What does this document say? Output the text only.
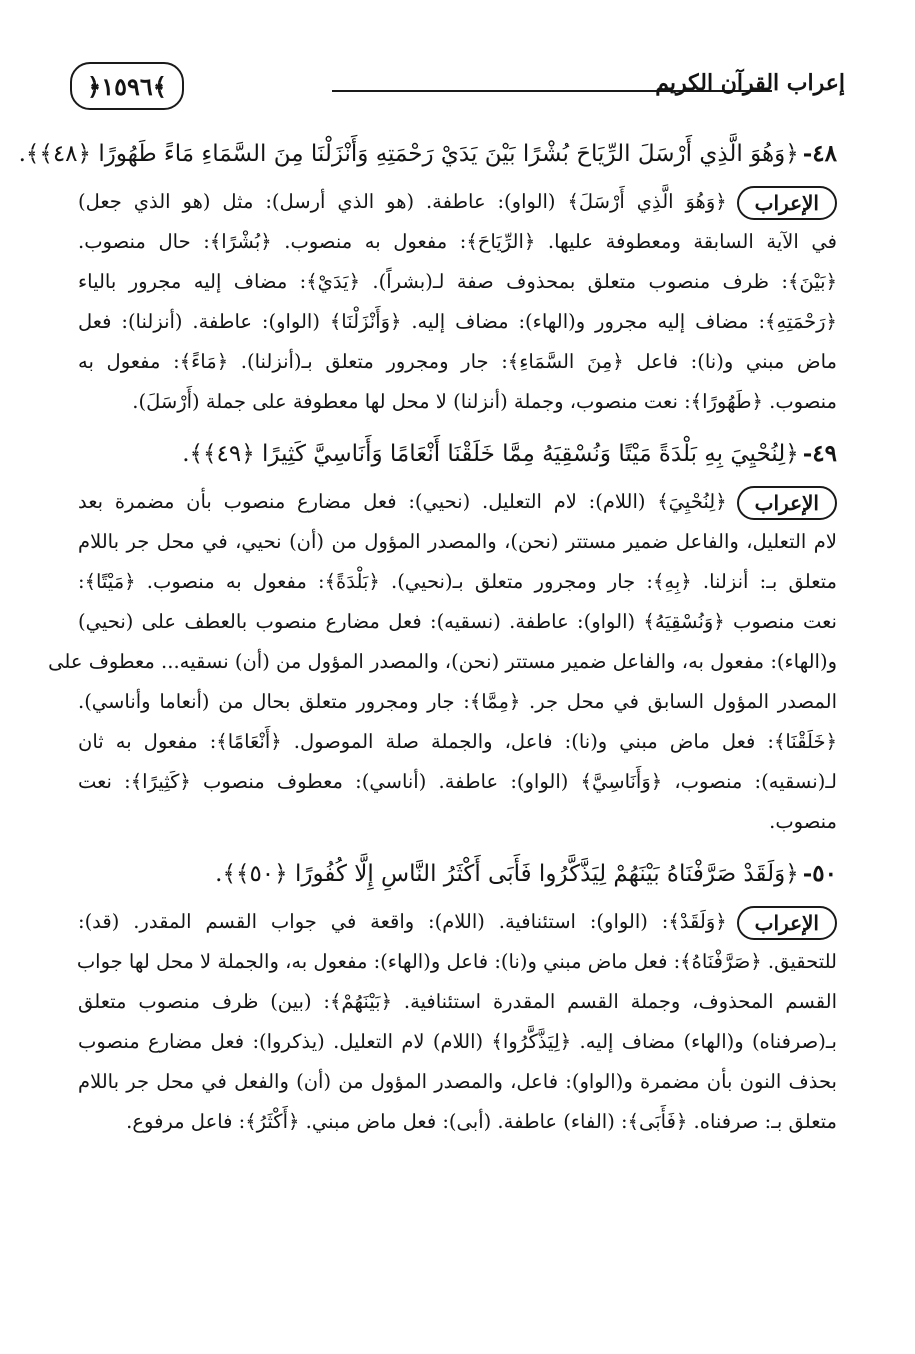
﴿١٥٩٦﴾	إعراب القرآن الكريم
٤٨-﴿وَهُوَ الَّذِي أَرْسَلَ الرِّيَاحَ بُشْرًا بَيْنَ يَدَيْ رَحْمَتِهِ وَأَنْزَلْنَا مِنَ السَّمَاءِ مَاءً طَهُورًا ﴿٤٨﴾﴾.
الإعراب﴿وَهُوَ الَّذِي أَرْسَلَ﴾ (الواو): عاطفة. (هو الذي أرسل): مثل (هو الذي جعل)
في الآية السابقة ومعطوفة عليها. ﴿الرِّيَاحَ﴾: مفعول به منصوب. ﴿بُشْرًا﴾: حال منصوب.
﴿بَيْنَ﴾: ظرف منصوب متعلق بمحذوف صفة لـ(بشراً). ﴿يَدَيْ﴾: مضاف إليه مجرور بالياء
﴿رَحْمَتِهِ﴾: مضاف إليه مجرور و(الهاء): مضاف إليه. ﴿وَأَنْزَلْنَا﴾ (الواو): عاطفة. (أنزلنا): فعل
ماض مبني و(نا): فاعل ﴿مِنَ السَّمَاءِ﴾: جار ومجرور متعلق بـ(أنزلنا). ﴿مَاءً﴾: مفعول به
منصوب. ﴿طَهُورًا﴾: نعت منصوب، وجملة (أنزلنا) لا محل لها معطوفة على جملة (أَرْسَلَ).
٤٩-﴿لِنُحْيِيَ بِهِ بَلْدَةً مَيْتًا وَنُسْقِيَهُ مِمَّا خَلَقْنَا أَنْعَامًا وَأَنَاسِيَّ كَثِيرًا ﴿٤٩﴾﴾.
الإعراب﴿لِنُحْيِيَ﴾ (اللام): لام التعليل. (نحيي): فعل مضارع منصوب بأن مضمرة بعد
لام التعليل، والفاعل ضمير مستتر (نحن)، والمصدر المؤول من (أن) نحيي، في محل جر باللام
متعلق بـ: أنزلنا. ﴿بِهِ﴾: جار ومجرور متعلق بـ(نحيي). ﴿بَلْدَةً﴾: مفعول به منصوب. ﴿مَيْتًا﴾:
نعت منصوب ﴿وَنُسْقِيَهُ﴾ (الواو): عاطفة. (نسقيه): فعل مضارع منصوب بالعطف على (نحيي)
و(الهاء): مفعول به، والفاعل ضمير مستتر (نحن)، والمصدر المؤول من (أن) نسقيه... معطوف على
المصدر المؤول السابق في محل جر. ﴿مِمَّا﴾: جار ومجرور متعلق بحال من (أنعاما وأناسي).
﴿خَلَقْنَا﴾: فعل ماض مبني و(نا): فاعل، والجملة صلة الموصول. ﴿أَنْعَامًا﴾: مفعول به ثان
لـ(نسقيه): منصوب، ﴿وَأَنَاسِيَّ﴾ (الواو): عاطفة. (أناسي): معطوف منصوب ﴿كَثِيرًا﴾: نعت
منصوب.
٥٠-﴿وَلَقَدْ صَرَّفْنَاهُ بَيْنَهُمْ لِيَذَّكَّرُوا فَأَبَى أَكْثَرُ النَّاسِ إِلَّا كُفُورًا ﴿٥٠﴾﴾.
الإعراب﴿وَلَقَدْ﴾: (الواو): استئنافية. (اللام): واقعة في جواب القسم المقدر. (قد):
للتحقيق. ﴿صَرَّفْنَاهُ﴾: فعل ماض مبني و(نا): فاعل و(الهاء): مفعول به، والجملة لا محل لها جواب
القسم المحذوف، وجملة القسم المقدرة استئنافية. ﴿بَيْنَهُمْ﴾: (بين) ظرف منصوب متعلق
بـ(صرفناه) و(الهاء) مضاف إليه. ﴿لِيَذَّكَّرُوا﴾ (اللام) لام التعليل. (يذكروا): فعل مضارع منصوب
بحذف النون بأن مضمرة و(الواو): فاعل، والمصدر المؤول من (أن) والفعل في محل جر باللام
متعلق بـ: صرفناه. ﴿فَأَبَى﴾: (الفاء) عاطفة. (أبى): فعل ماض مبني. ﴿أَكْثَرُ﴾: فاعل مرفوع.
